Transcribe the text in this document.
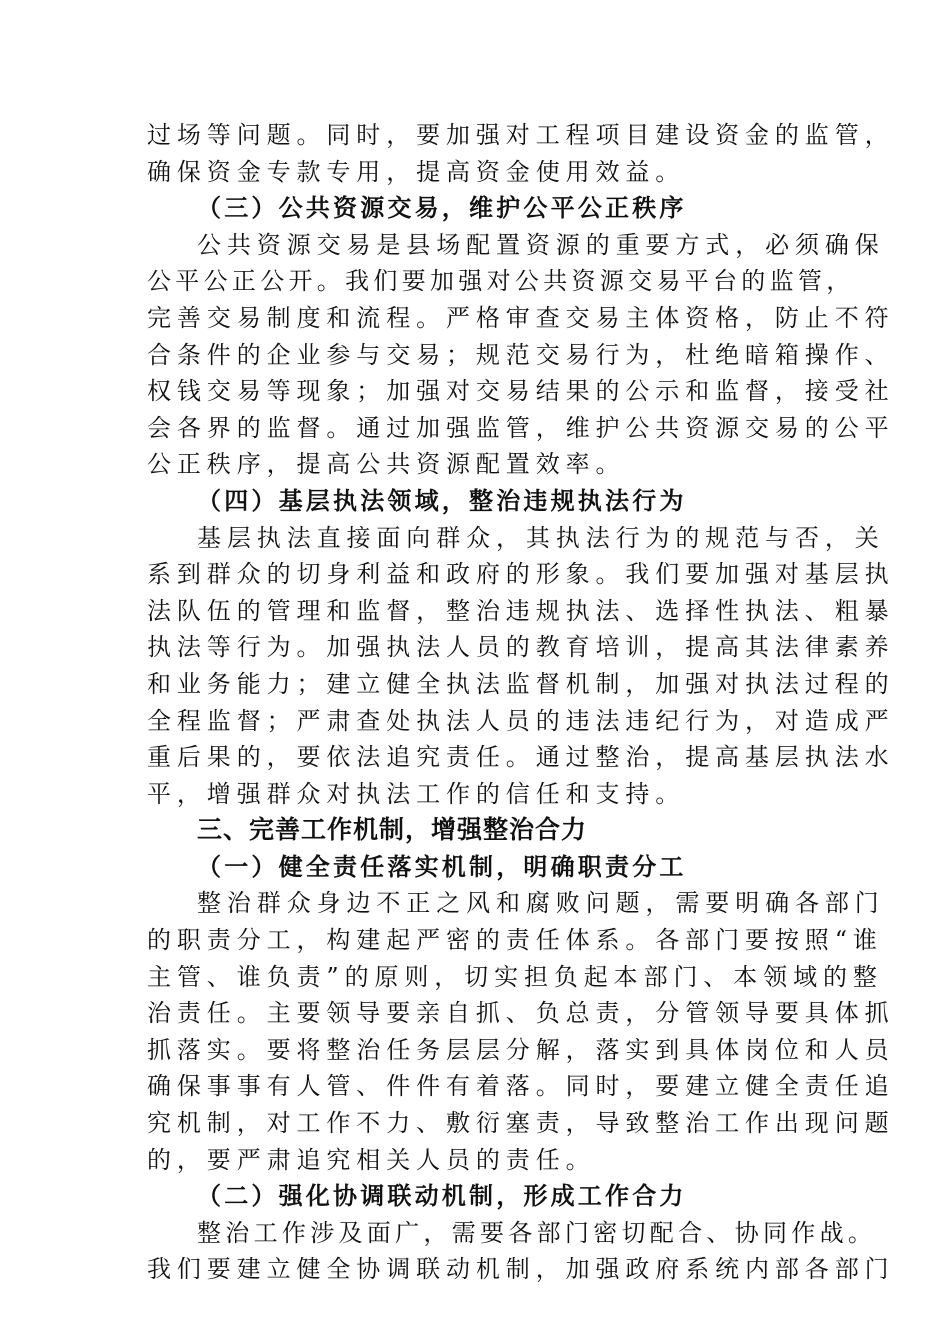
过场等问题。同时，要加强对工程项目建设资金的监管，
确保资金专款专用，提高资金使用效益。
（三）公共资源交易，维护公平公正秩序
公共资源交易是县场配置资源的重要方式，必须确保
公平公正公开。我们要加强对公共资源交易平台的监管，
完善交易制度和流程。严格审查交易主体资格，防止不符
合条件的企业参与交易；规范交易行为，杜绝暗箱操作、
权钱交易等现象；加强对交易结果的公示和监督，接受社
会各界的监督。通过加强监管，维护公共资源交易的公平
公正秩序，提高公共资源配置效率。
（四）基层执法领域，整治违规执法行为
基层执法直接面向群众，其执法行为的规范与否，关
系到群众的切身利益和政府的形象。我们要加强对基层执
法队伍的管理和监督，整治违规执法、选择性执法、粗暴
执法等行为。加强执法人员的教育培训，提高其法律素养
和业务能力；建立健全执法监督机制，加强对执法过程的
全程监督；严肃查处执法人员的违法违纪行为，对造成严
重后果的，要依法追究责任。通过整治，提高基层执法水
平，增强群众对执法工作的信任和支持。
三、完善工作机制，增强整治合力
（一）健全责任落实机制，明确职责分工
整治群众身边不正之风和腐败问题，需要明确各部门
的职责分工，构建起严密的责任体系。各部门要按照“谁
主管、谁负责”的原则，切实担负起本部门、本领域的整
治责任。主要领导要亲自抓、负总责，分管领导要具体抓
抓落实。要将整治任务层层分解，落实到具体岗位和人员
确保事事有人管、件件有着落。同时，要建立健全责任追
究机制，对工作不力、敷衍塞责，导致整治工作出现问题
的，要严肃追究相关人员的责任。
（二）强化协调联动机制，形成工作合力
整治工作涉及面广，需要各部门密切配合、协同作战。
我们要建立健全协调联动机制，加强政府系统内部各部门
